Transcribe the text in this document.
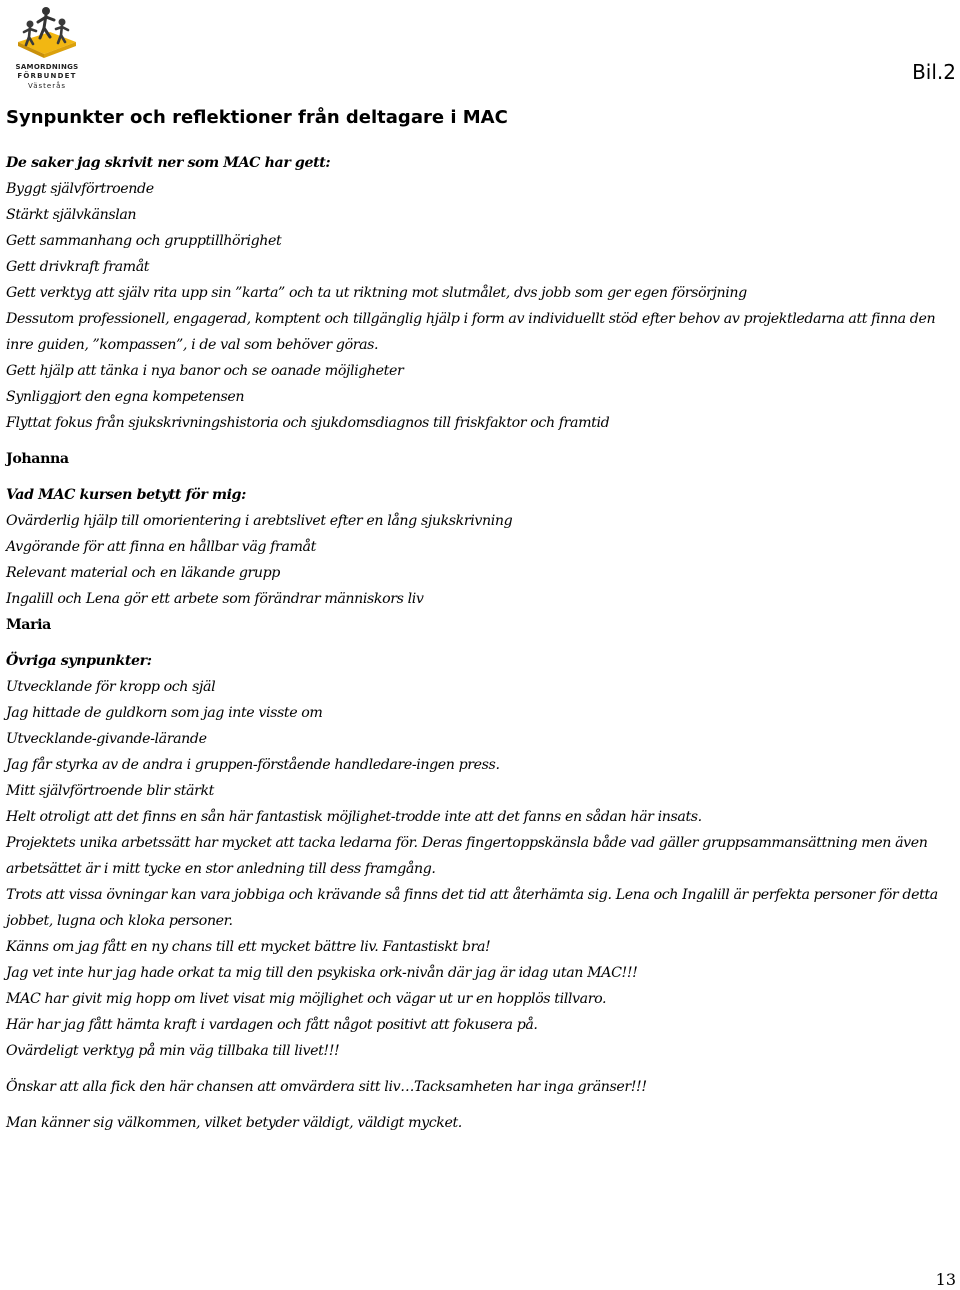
SAMORDNINGS
FÖRBUNDET
Västerås
Bil.2
Synpunkter och reflektioner från deltagare i MAC

De saker jag skrivit ner som MAC har gett:

Byggt självförtroende

Stärkt självkänslan

Gett sammanhang och grupptillhörighet

Gett drivkraft framåt

Gett verktyg att själv rita upp sin ”karta” och ta ut riktning mot slutmålet, dvs jobb som ger egen försörjning

Dessutom professionell, engagerad, komptent och tillgänglig hjälp i form av individuellt stöd efter behov av projektledarna att finna den inre guiden, ”kompassen”, i de val som behöver göras.

Gett hjälp att tänka i nya banor och se oanade möjligheter

Synliggjort den egna kompetensen

Flyttat fokus från sjukskrivningshistoria och sjukdomsdiagnos till friskfaktor och framtid

Johanna

Vad MAC kursen betytt för mig:

Ovärderlig hjälp till omorientering i arebtslivet efter en lång sjukskrivning

Avgörande för att finna en hållbar väg framåt

Relevant material och en läkande grupp

Ingalill och Lena gör ett arbete som förändrar människors liv

Maria

Övriga synpunkter:

Utvecklande för kropp och själ

Jag hittade de guldkorn som jag inte visste om

Utvecklande-givande-lärande

Jag får styrka av de andra i gruppen-förstående handledare-ingen press.

Mitt självförtroende blir stärkt

Helt otroligt att det finns en sån här fantastisk möjlighet-trodde inte att det fanns en sådan här insats.

Projektets unika arbetssätt har mycket att tacka ledarna för. Deras fingertoppskänsla både vad gäller gruppsammansättning men även arbetsättet är i mitt tycke en stor anledning till dess framgång.

Trots att vissa övningar kan vara jobbiga och krävande så finns det tid att återhämta sig. Lena och Ingalill är perfekta personer för detta jobbet, lugna och kloka personer.

Känns om jag fått en ny chans till ett mycket bättre liv. Fantastiskt bra!

Jag vet inte hur jag hade orkat ta mig till den psykiska ork-nivån där jag är idag utan MAC!!!

MAC har givit mig hopp om livet visat mig möjlighet och vägar ut ur en hopplös tillvaro.

Här har jag fått hämta kraft i vardagen och fått något positivt att fokusera på.

Ovärdeligt verktyg på min väg tillbaka till livet!!!

Önskar att alla fick den här chansen att omvärdera sitt liv…Tacksamheten har inga gränser!!!

Man känner sig välkommen, vilket betyder väldigt, väldigt mycket.

13
